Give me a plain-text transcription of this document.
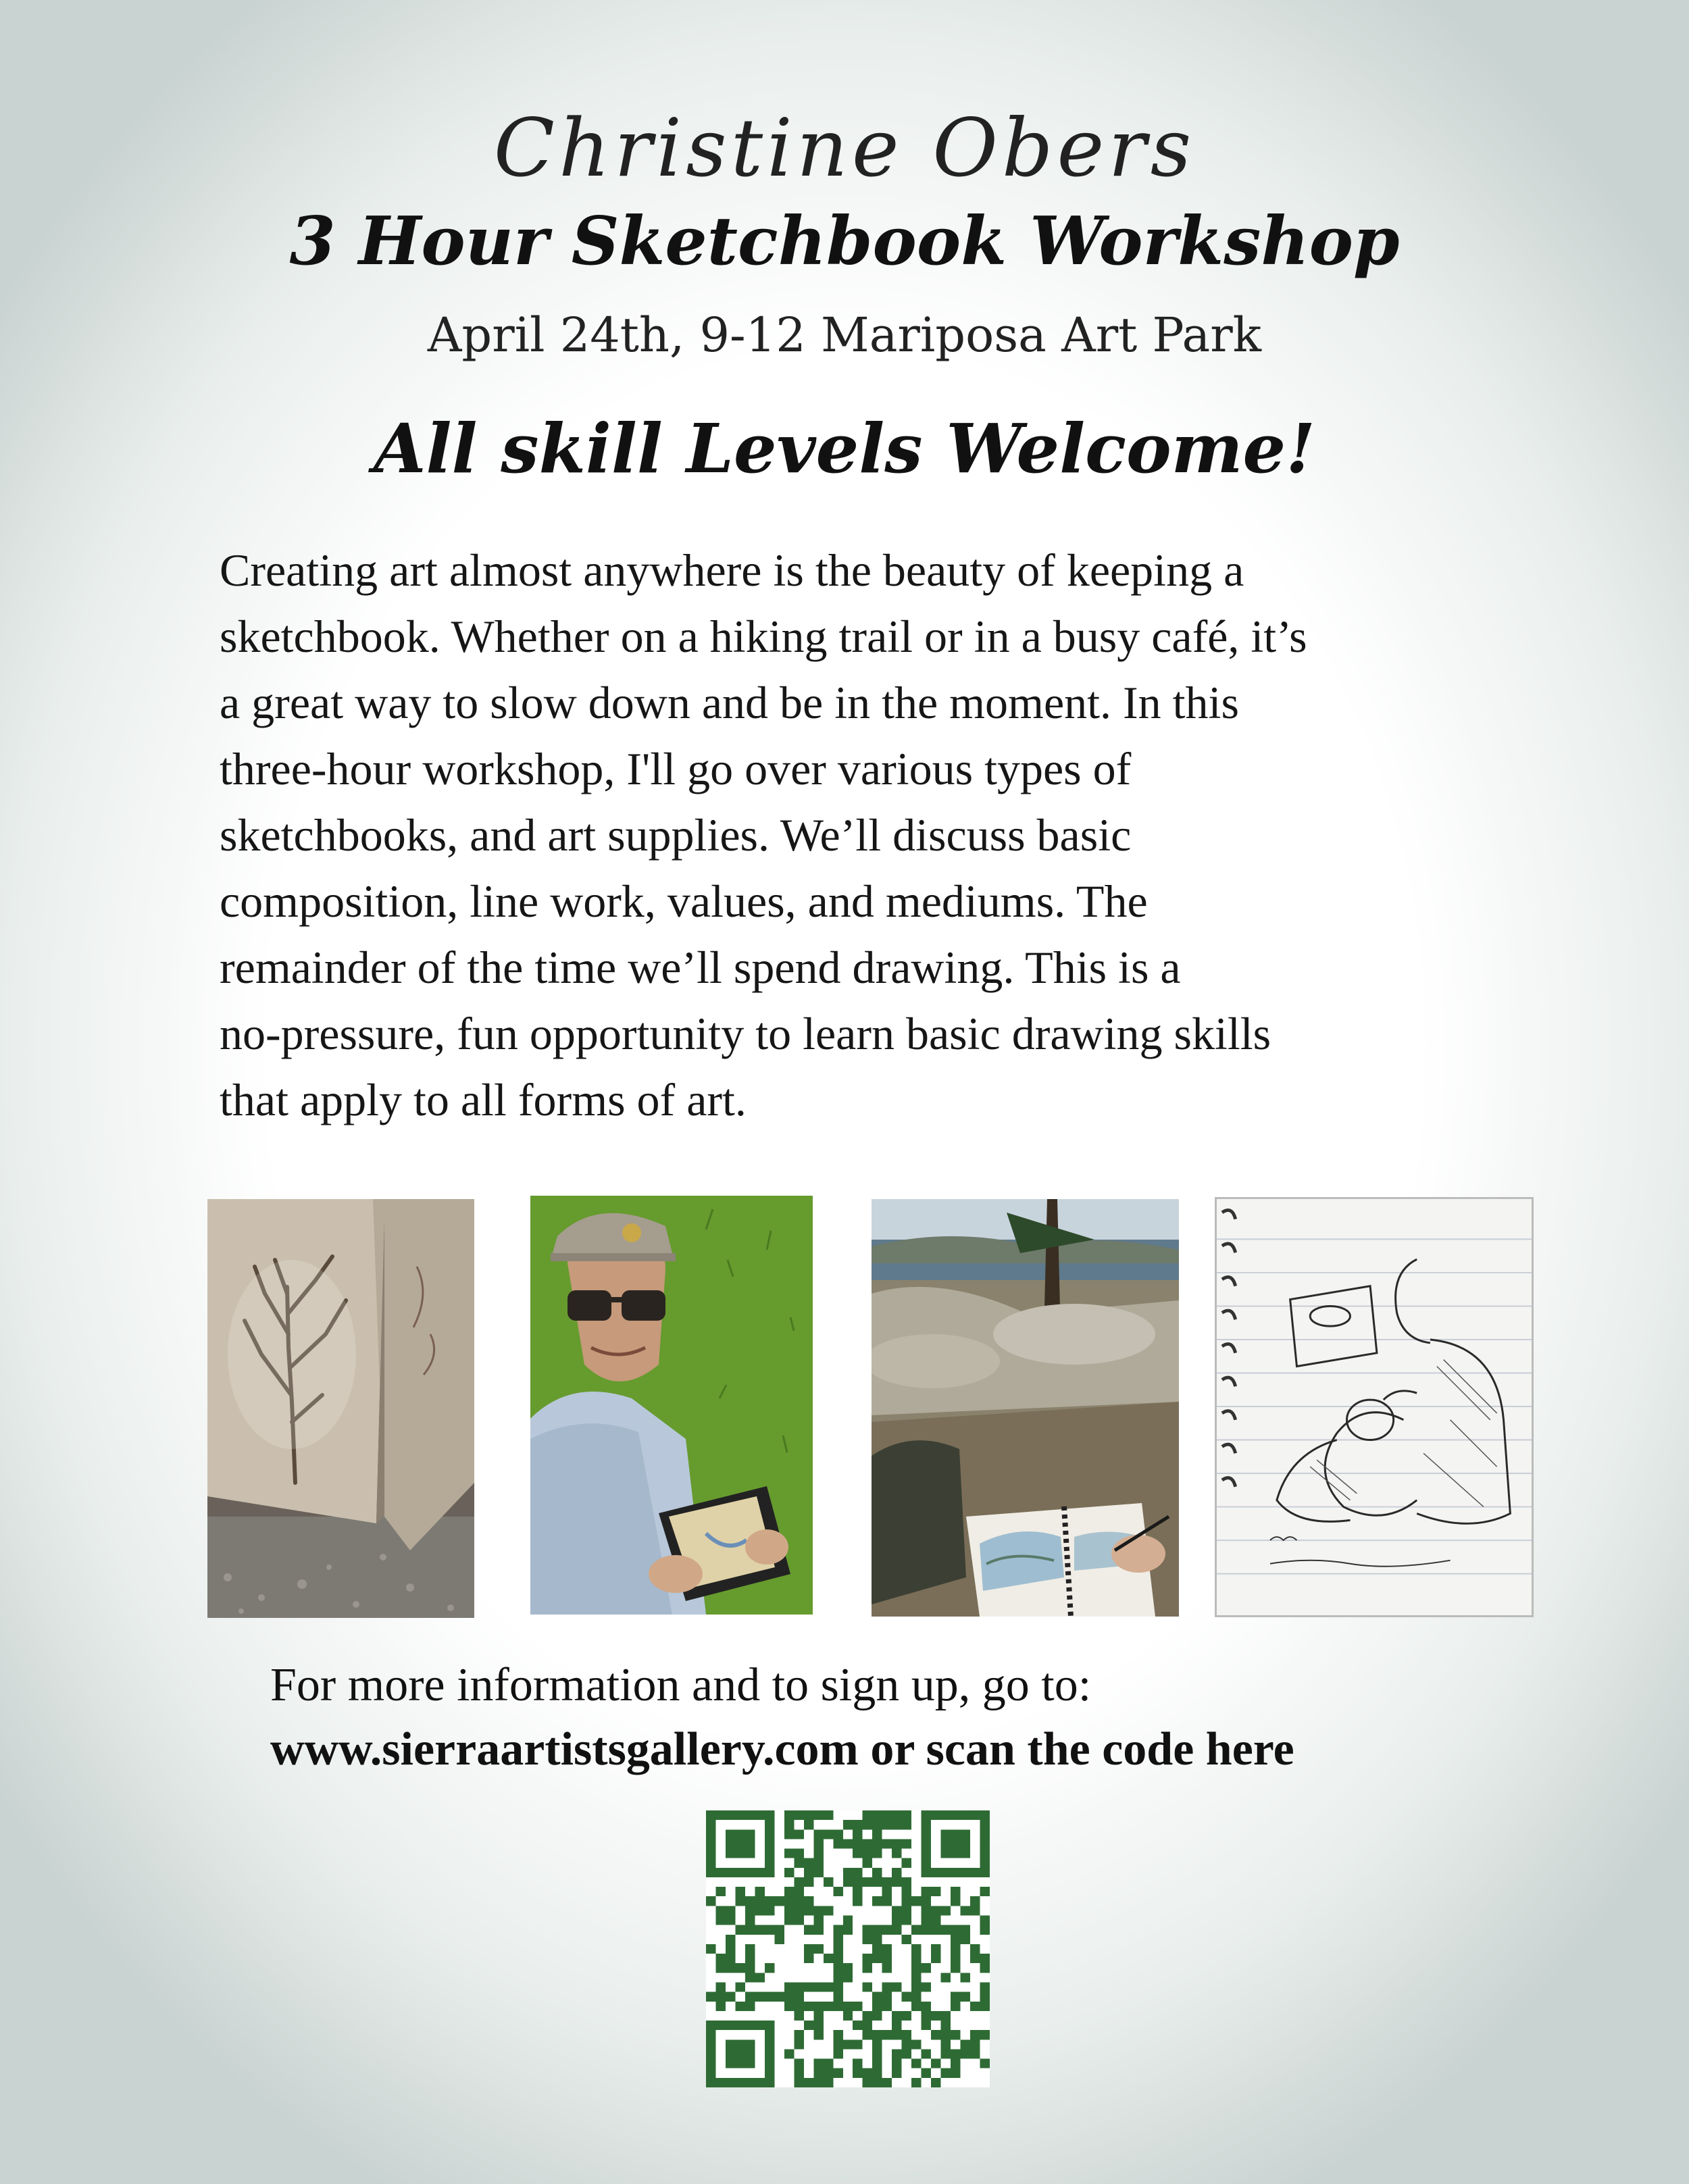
Christine Obers
3 Hour Sketchbook Workshop
April 24th, 9-12 Mariposa Art Park
All skill Levels Welcome!
Creating art almost anywhere is the beauty of keeping a
sketchbook. Whether on a hiking trail or in a busy café, it’s
a great way to slow down and be in the moment. In this
three-hour workshop, I'll go over various types of
sketchbooks, and art supplies. We’ll discuss basic
composition, line work, values, and mediums. The
remainder of the time we’ll spend drawing. This is a
no-pressure, fun opportunity to learn basic drawing skills
that apply to all forms of art.
For more information and to sign up, go to:
www.sierraartistsgallery.com or scan the code here
